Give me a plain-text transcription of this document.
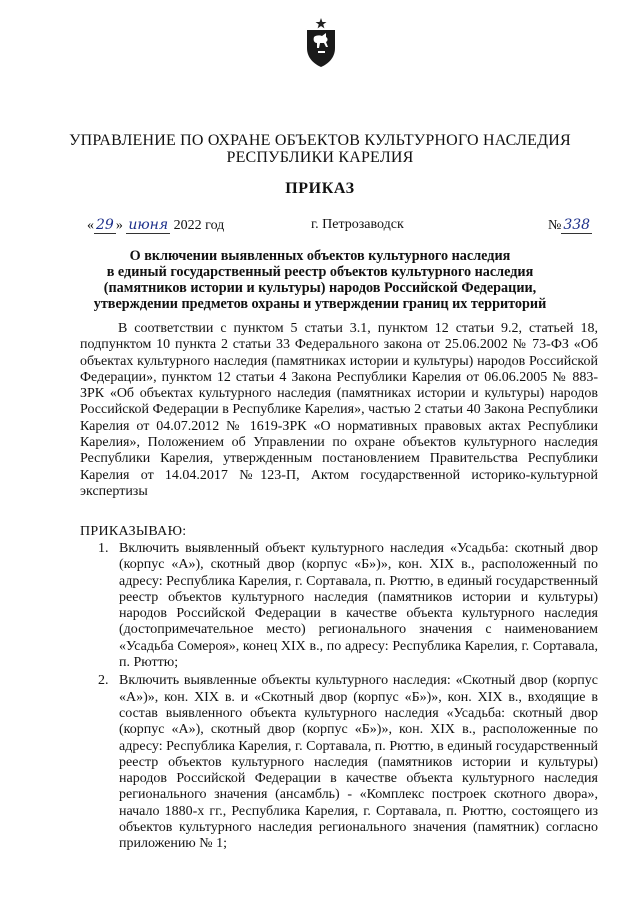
УПРАВЛЕНИЕ ПО ОХРАНЕ ОБЪЕКТОВ КУЛЬТУРНОГО НАСЛЕДИЯ
РЕСПУБЛИКИ КАРЕЛИЯ
ПРИКАЗ
« 29 » июня 2022 год	г. Петрозаводск	№ 338
О включении выявленных объектов культурного наследия
в единый государственный реестр объектов культурного наследия
(памятников истории и культуры) народов Российской Федерации,
утверждении предметов охраны и утверждении границ их территорий

В соответствии с пунктом 5 статьи 3.1, пунктом 12 статьи 9.2, статьей 18, подпунктом 10 пункта 2 статьи 33 Федерального закона от 25.06.2002 № 73-ФЗ «Об объектах культурного наследия (памятниках истории и культуры) народов Российской Федерации», пунктом 12 статьи 4 Закона Республики Карелия от 06.06.2005 № 883-ЗРК «Об объектах культурного наследия (памятниках истории и культуры) народов Российской Федерации в Республике Карелия», частью 2 статьи 40 Закона Республики Карелия от 04.07.2012 № 1619-ЗРК «О нормативных правовых актах Республики Карелия», Положением об Управлении по охране объектов культурного наследия Республики Карелия, утвержденным постановлением Правительства Республики Карелия от 14.04.2017 №123-П, Актом государственной историко-культурной экспертизы

ПРИКАЗЫВАЮ:
1. Включить выявленный объект культурного наследия «Усадьба: скотный двор (корпус «А»), скотный двор (корпус «Б»)», кон. XIX в., расположенный по адресу: Республика Карелия, г. Сортавала, п. Рюттю, в единый государственный реестр объектов культурного наследия (памятников истории и культуры) народов Российской Федерации в качестве объекта культурного наследия (достопримечательное место) регионального значения с наименованием «Усадьба Сомероя», конец XIX в., по адресу: Республика Карелия, г. Сортавала, п. Рюттю;
2. Включить выявленные объекты культурного наследия: «Скотный двор (корпус «А»)», кон. XIX в. и «Скотный двор (корпус «Б»)», кон. XIX в., входящие в состав выявленного объекта культурного наследия «Усадьба: скотный двор (корпус «А»), скотный двор (корпус «Б»)», кон. XIX в., расположенные по адресу: Республика Карелия, г. Сортавала, п. Рюттю, в единый государственный реестр объектов культурного наследия (памятников истории и культуры) народов Российской Федерации в качестве объекта культурного наследия регионального значения (ансамбль) - «Комплекс построек скотного двора», начало 1880-х гг., Республика Карелия, г. Сортавала, п. Рюттю, состоящего из объектов культурного наследия регионального значения (памятник) согласно приложению № 1;
